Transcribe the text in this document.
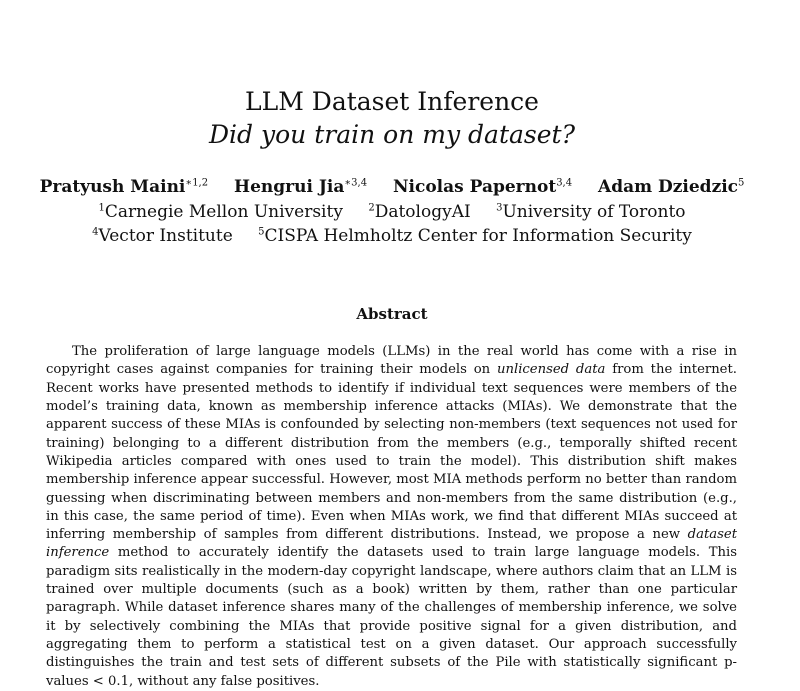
LLM Dataset Inference
Did you train on my dataset?
Pratyush Maini$^{∗1,2}$ Hengrui Jia$^{∗3,4}$ Nicolas Papernot$^{3,4}$ Adam Dziedzic$^5$
$^1$Carnegie Mellon University	$^2$DatologyAI	$^3$University of Toronto
$^4$Vector Institute	$^5$CISPA Helmholtz Center for Information Security
Abstract

The proliferation of large language models (LLMs) in the real world has come with a rise in copyright cases against companies for training their models on unlicensed data from the internet. Recent works have presented methods to identify if individual text sequences were members of the model’s training data, known as membership inference attacks (MIAs). We demonstrate that the apparent success of these MIAs is confounded by selecting non-members (text sequences not used for training) belonging to a different distribution from the members (e.g., temporally shifted recent Wikipedia articles compared with ones used to train the model). This distribution shift makes membership inference appear successful. However, most MIA methods perform no better than random guessing when discriminating between members and non-members from the same distribution (e.g., in this case, the same period of time). Even when MIAs work, we find that different MIAs succeed at inferring membership of samples from different distributions. Instead, we propose a new dataset inference method to accurately identify the datasets used to train large language models. This paradigm sits realistically in the modern-day copyright landscape, where authors claim that an LLM is trained over multiple documents (such as a book) written by them, rather than one particular paragraph. While dataset inference shares many of the challenges of membership inference, we solve it by selectively combining the MIAs that provide positive signal for a given distribution, and aggregating them to perform a statistical test on a given dataset. Our approach successfully distinguishes the train and test sets of different subsets of the Pile with statistically significant p-values < 0.1, without any false positives.
